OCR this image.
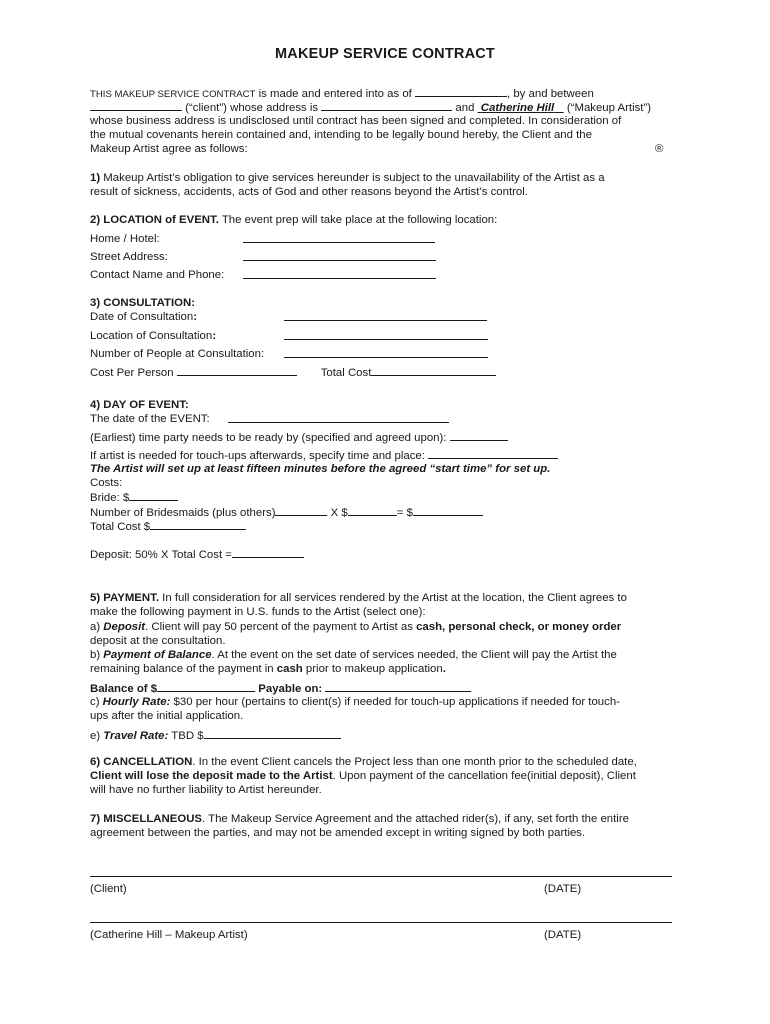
MAKEUP SERVICE CONTRACT
THIS MAKEUP SERVICE CONTRACT is made and entered into as of	, by and between
(“client”) whose address is	and  Catherine Hill    (“Makeup Artist”)
whose business address is undisclosed until contract has been signed and completed. In consideration of
the mutual covenants herein contained and, intending to be legally bound hereby, the Client and the
Makeup Artist agree as follows:	®
1) Makeup Artist’s obligation to give services hereunder is subject to the unavailability of the Artist as a
result of sickness, accidents, acts of God and other reasons beyond the Artist’s control.
2) LOCATION of EVENT. The event prep will take place at the following location:
Home / Hotel:
Street Address:
Contact Name and Phone:
3) CONSULTATION:
Date of Consultation:
Location of Consultation:
Number of People at Consultation:
Cost Per Person	Total Cost
4) DAY OF EVENT:
The date of the EVENT:
(Earliest) time party needs to be ready by (specified and agreed upon):
If artist is needed for touch-ups afterwards, specify time and place:
The Artist will set up at least fifteen minutes before the agreed “start time” for set up.
Costs:
Bride: $
Number of Bridesmaids (plus others)	X $	= $
Total Cost $
Deposit: 50% X Total Cost =
5) PAYMENT. In full consideration for all services rendered by the Artist at the location, the Client agrees to
make the following payment in U.S. funds to the Artist (select one):
a) Deposit. Client will pay 50 percent of the payment to Artist as cash, personal check, or money order
deposit at the consultation.
b) Payment of Balance. At the event on the set date of services needed, the Client will pay the Artist the
remaining balance of the payment in cash prior to makeup application.
Balance of $	Payable on:
c) Hourly Rate: $30 per hour (pertains to client(s) if needed for touch-up applications if needed for touch-
ups after the initial application.
e) Travel Rate: TBD $
6) CANCELLATION. In the event Client cancels the Project less than one month prior to the scheduled date,
Client will lose the deposit made to the Artist. Upon payment of the cancellation fee(initial deposit), Client
will have no further liability to Artist hereunder.
7) MISCELLANEOUS. The Makeup Service Agreement and the attached rider(s), if any, set forth the entire
agreement between the parties, and may not be amended except in writing signed by both parties.
(Client)	(DATE)
(Catherine Hill – Makeup Artist)	(DATE)
